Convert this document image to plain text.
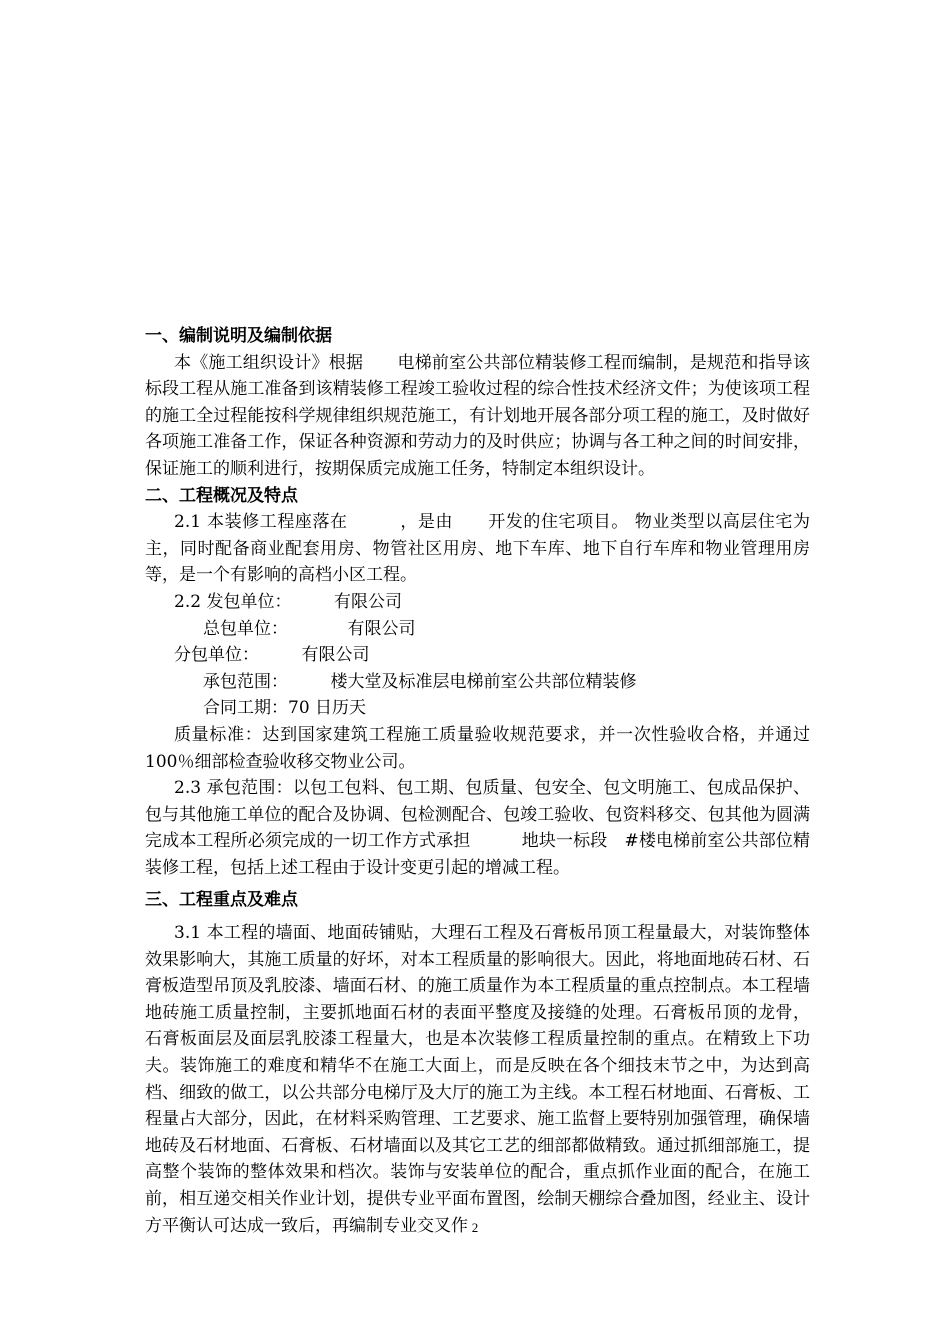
一、编制说明及编制依据

本《施工组织设计》根据　　电梯前室公共部位精装修工程而编制，是规范和指导该标段工程从施工准备到该精装修工程竣工验收过程的综合性技术经济文件；为使该项工程的施工全过程能按科学规律组织规范施工，有计划地开展各部分项工程的施工，及时做好各项施工准备工作，保证各种资源和劳动力的及时供应；协调与各工种之间的时间安排，保证施工的顺利进行，按期保质完成施工任务，特制定本组织设计。

二、工程概况及特点

2.1 本装修工程座落在　　　，是由　　开发的住宅项目。 物业类型以高层住宅为主，同时配备商业配套用房、物管社区用房、地下车库、地下自行车库和物业管理用房等，是一个有影响的高档小区工程。

2.2 发包单位：　　　有限公司

总包单位：　　　　有限公司

分包单位：　　　有限公司

承包范围：　　　楼大堂及标准层电梯前室公共部位精装修

合同工期：70 日历天

质量标准：达到国家建筑工程施工质量验收规范要求，并一次性验收合格，并通过 100％细部检查验收移交物业公司。

2.3 承包范围：以包工包料、包工期、包质量、包安全、包文明施工、包成品保护、包与其他施工单位的配合及协调、包检测配合、包竣工验收、包资料移交、包其他为圆满完成本工程所必须完成的一切工作方式承担　　　地块一标段　#楼电梯前室公共部位精装修工程，包括上述工程由于设计变更引起的增减工程。

三、工程重点及难点

3.1 本工程的墙面、地面砖铺贴，大理石工程及石膏板吊顶工程量最大，对装饰整体效果影响大，其施工质量的好坏，对本工程质量的影响很大。因此，将地面地砖石材、石膏板造型吊顶及乳胶漆、墙面石材、的施工质量作为本工程质量的重点控制点。本工程墙地砖施工质量控制，主要抓地面石材的表面平整度及接缝的处理。石膏板吊顶的龙骨， 石膏板面层及面层乳胶漆工程量大，也是本次装修工程质量控制的重点。在精致上下功夫。装饰施工的难度和精华不在施工大面上，而是反映在各个细技末节之中，为达到高档、细致的做工，以公共部分电梯厅及大厅的施工为主线。本工程石材地面、石膏板、工程量占大部分，因此，在材料采购管理、工艺要求、施工监督上要特别加强管理，确保墙地砖及石材地面、石膏板、石材墙面以及其它工艺的细部都做精致。通过抓细部施工，提高整个装饰的整体效果和档次。装饰与安装单位的配合，重点抓作业面的配合，在施工前，相互递交相关作业计划，提供专业平面布置图，绘制天棚综合叠加图，经业主、设计方平衡认可达成一致后，再编制专业交叉作 2
